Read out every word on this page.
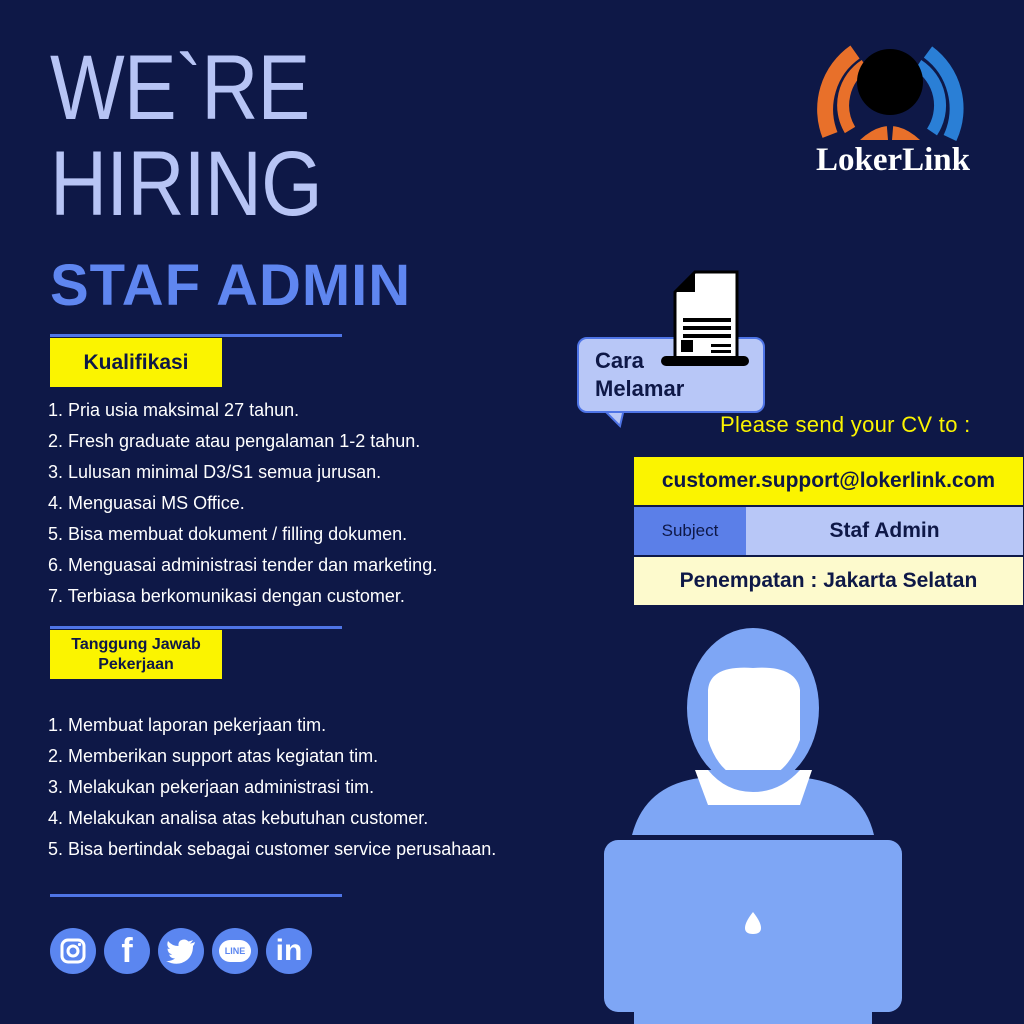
WE`RE
HIRING
STAF ADMIN
LokerLink
Kualifikasi
1. Pria usia maksimal 27 tahun.
2. Fresh graduate atau pengalaman 1-2 tahun.
3. Lulusan minimal D3/S1 semua jurusan.
4. Menguasai MS Office.
5. Bisa membuat dokument / filling dokumen.
6. Menguasai administrasi tender dan marketing.
7. Terbiasa berkomunikasi dengan customer.
Tanggung Jawab
Pekerjaan
1. Membuat laporan pekerjaan tim.
2. Memberikan support atas kegiatan tim.
3. Melakukan pekerjaan administrasi tim.
4. Melakukan analisa atas kebutuhan customer.
5. Bisa bertindak sebagai customer service perusahaan.
Cara
Melamar
Please send your CV to :
customer.support@lokerlink.com
Subject	Staf Admin
Penempatan : Jakarta Selatan
f	LINE	in
